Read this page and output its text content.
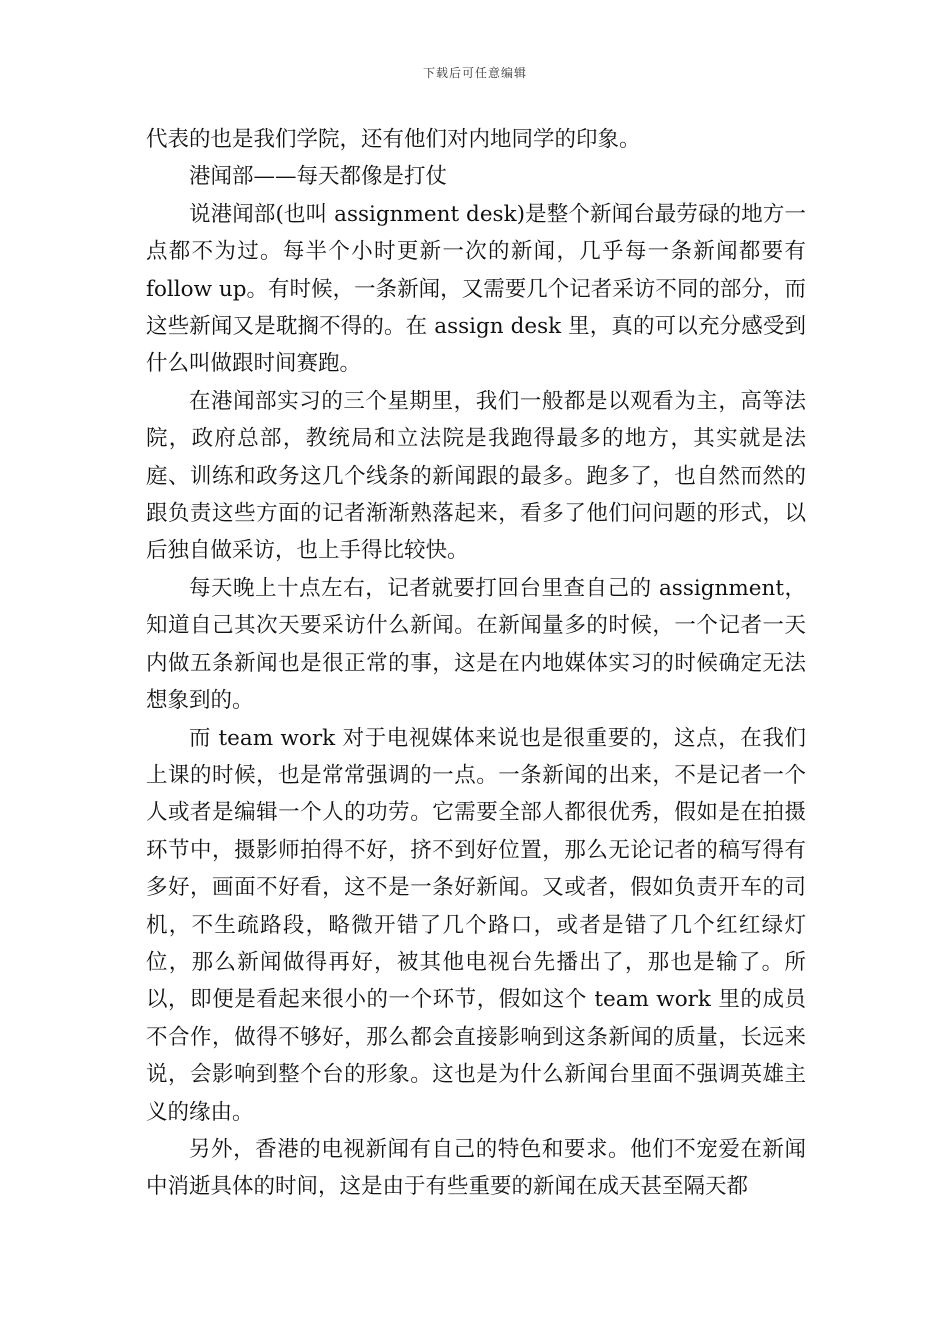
下载后可任意编辑

代表的也是我们学院，还有他们对内地同学的印象。

港闻部——每天都像是打仗

说港闻部(也叫 assignment desk)是整个新闻台最劳碌的地方一点都不为过。每半个小时更新一次的新闻，几乎每一条新闻都要有 follow up。有时候，一条新闻，又需要几个记者采访不同的部分，而这些新闻又是耽搁不得的。在 assign desk 里，真的可以充分感受到什么叫做跟时间赛跑。

在港闻部实习的三个星期里，我们一般都是以观看为主，高等法院，政府总部，教统局和立法院是我跑得最多的地方，其实就是法庭、训练和政务这几个线条的新闻跟的最多。跑多了，也自然而然的跟负责这些方面的记者渐渐熟落起来，看多了他们问问题的形式，以后独自做采访，也上手得比较快。

每天晚上十点左右，记者就要打回台里查自己的 assignment，知道自己其次天要采访什么新闻。在新闻量多的时候，一个记者一天内做五条新闻也是很正常的事，这是在内地媒体实习的时候确定无法想象到的。

而 team work 对于电视媒体来说也是很重要的，这点，在我们上课的时候，也是常常强调的一点。一条新闻的出来，不是记者一个人或者是编辑一个人的功劳。它需要全部人都很优秀，假如是在拍摄环节中，摄影师拍得不好，挤不到好位置，那么无论记者的稿写得有多好，画面不好看，这不是一条好新闻。又或者，假如负责开车的司机，不生疏路段，略微开错了几个路口，或者是错了几个红红绿灯位，那么新闻做得再好，被其他电视台先播出了，那也是输了。所以，即便是看起来很小的一个环节，假如这个 team work 里的成员不合作，做得不够好，那么都会直接影响到这条新闻的质量，长远来说，会影响到整个台的形象。这也是为什么新闻台里面不强调英雄主义的缘由。

另外，香港的电视新闻有自己的特色和要求。他们不宠爱在新闻中消逝具体的时间，这是由于有些重要的新闻在成天甚至隔天都
